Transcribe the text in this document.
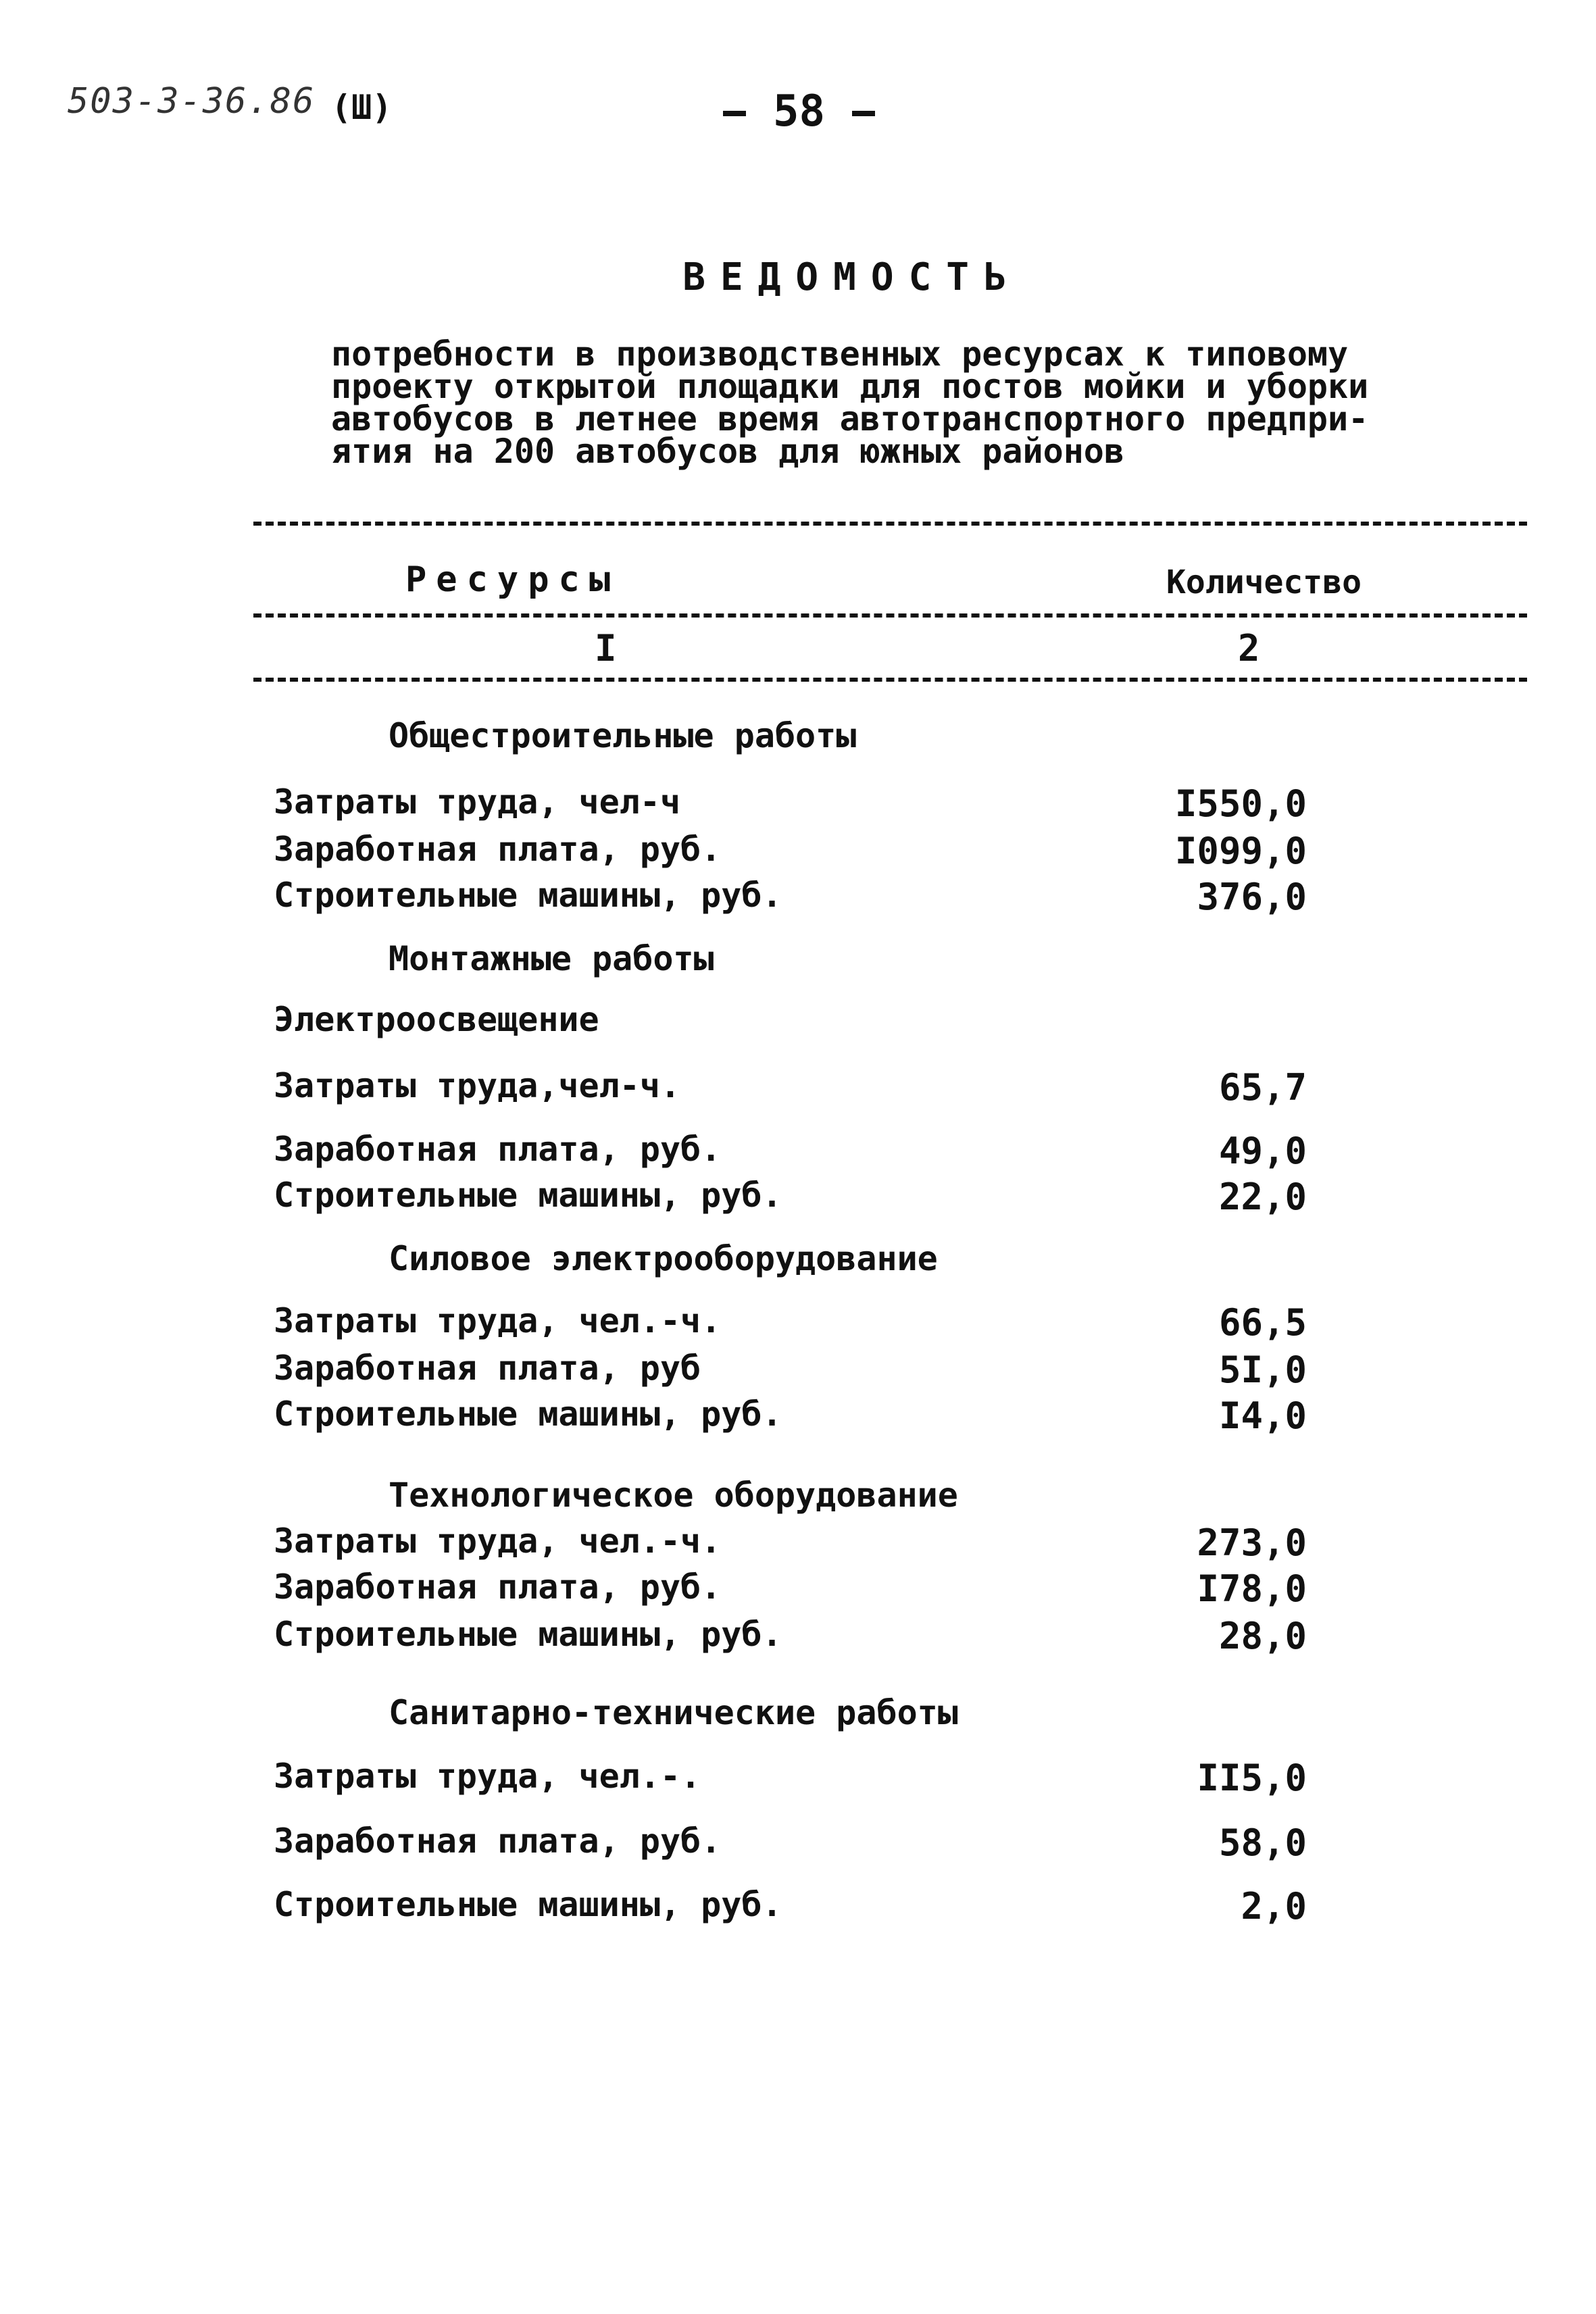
503-3-36.86 (Ш)	58
ВЕДОМОСТЬ
потребности в производственных ресурсах к типовому
проекту открытой площадки для постов мойки и уборки
автобусов в летнее время автотранспортного предпри-
ятия на 200 автобусов для южных районов
Ресурсы	Количество
I	2
Общестроительные работы
Затраты труда, чел-ч	I550,0
Заработная плата, руб.	I099,0
Строительные машины, руб.	376,0
Монтажные работы
Электроосвещение
Затраты труда,чел-ч.	65,7
Заработная плата, руб.	49,0
Строительные машины, руб.	22,0
Силовое электрооборудование
Затраты труда, чел.-ч.	66,5
Заработная плата, руб	5I,0
Строительные машины, руб.	I4,0
Технологическое оборудование
Затраты труда, чел.-ч.	273,0
Заработная плата, руб.	I78,0
Строительные машины, руб.	28,0
Санитарно-технические работы
Затраты труда, чел.-.	II5,0
Заработная плата, руб.	58,0
Строительные машины, руб.	2,0
